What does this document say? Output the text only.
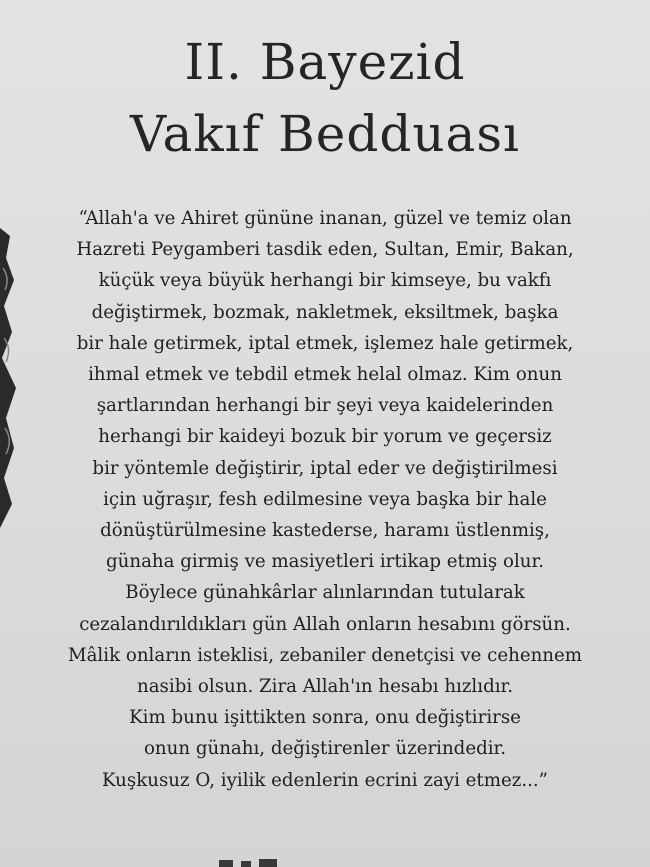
II. Bayezid
Vakıf Bedduası
“Allah'a ve Ahiret gününe inanan, güzel ve temiz olan
Hazreti Peygamberi tasdik eden, Sultan, Emir, Bakan,
küçük veya büyük herhangi bir kimseye, bu vakfı
değiştirmek, bozmak, nakletmek, eksiltmek, başka
bir hale getirmek, iptal etmek, işlemez hale getirmek,
ihmal etmek ve tebdil etmek helal olmaz. Kim onun
şartlarından herhangi bir şeyi veya kaidelerinden
herhangi bir kaideyi bozuk bir yorum ve geçersiz
bir yöntemle değiştirir, iptal eder ve değiştirilmesi
için uğraşır, fesh edilmesine veya başka bir hale
dönüştürülmesine kastederse, haramı üstlenmiş,
günaha girmiş ve masiyetleri irtikap etmiş olur.
Böylece günahkârlar alınlarından tutularak
cezalandırıldıkları gün Allah onların hesabını görsün.
Mâlik onların isteklisi, zebaniler denetçisi ve cehennem
nasibi olsun. Zira Allah'ın hesabı hızlıdır.
Kim bunu işittikten sonra, onu değiştirirse
onun günahı, değiştirenler üzerindedir.
Kuşkusuz O, iyilik edenlerin ecrini zayi etmez...”
